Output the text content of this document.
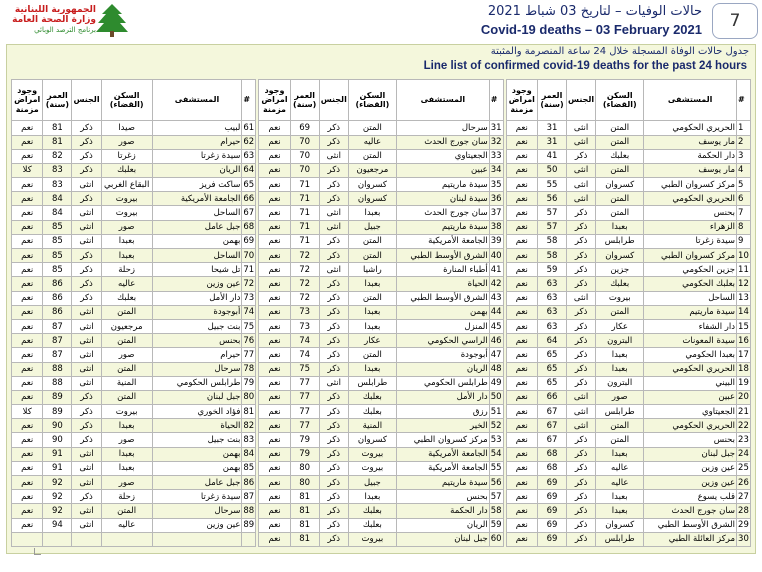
الجمهورية اللبنانية
وزارة الصحة العامة
برنامج الترصد الوبائي
حالات الوفيات – لتاريخ 03 شباط 2021
Covid-19 deaths – 03 February 2021	7
جدول حالات الوفاة المسجلة خلال 24 ساعة المنصرمة والمثبتة
Line list of confirmed covid-19 deaths for the past 24 hours
#	المستشفى	السكن (القضاء)	الجنس	العمر (سنة)	وجود امراض مزمنة
1	الحريري الحكومي	المتن	انثى	31	نعم
2	مار يوسف	المتن	انثى	31	نعم
3	دار الحكمة	بعلبك	ذكر	41	نعم
4	مار يوسف	المتن	انثى	50	نعم
5	مركز كسروان الطبي	كسروان	انثى	55	نعم
6	الحريري الحكومي	المتن	انثى	56	نعم
7	بحنس	المتن	ذكر	57	نعم
8	الزهراء	بعبدا	ذكر	57	نعم
9	سيدة زغرتا	طرابلس	ذكر	58	نعم
10	مركز كسروان الطبي	كسروان	ذكر	58	نعم
11	جزين الحكومي	جزين	ذكر	59	نعم
12	بعلبك الحكومي	بعلبك	ذكر	63	نعم
13	الساحل	بيروت	انثى	63	نعم
14	سيدة ماريتيم	المتن	ذكر	63	نعم
15	دار الشفاء	عكار	ذكر	63	نعم
16	سيدة المعونات	البترون	ذكر	64	نعم
17	بعبدا الحكومي	بعبدا	ذكر	65	نعم
18	الحريري الحكومي	بعبدا	ذكر	65	نعم
19	البيني	البترون	ذكر	65	نعم
20	عبين	صور	انثى	66	نعم
21	الجعيتاوي	طرابلس	انثى	67	نعم
22	الحريري الحكومي	المتن	انثى	67	نعم
23	بحنس	المتن	ذكر	67	نعم
24	جبل لبنان	بعبدا	ذكر	68	نعم
25	عين وزين	عاليه	ذكر	68	نعم
26	عين وزين	عاليه	ذكر	69	نعم
27	قلب يسوع	بعبدا	ذكر	69	نعم
28	سان جورج الحدث	بعبدا	ذكر	69	نعم
29	الشرق الأوسط الطبي	كسروان	ذكر	69	نعم
30	مركز العائلة الطبي	طرابلس	ذكر	69	نعم
#	المستشفى	السكن (القضاء)	الجنس	العمر (سنة)	وجود امراض مزمنة
31	سرحال	المتن	ذكر	69	نعم
32	سان جورج الحدث	عاليه	ذكر	70	نعم
33	الجعيتاوي	المتن	انثى	70	نعم
34	عبين	مرجعيون	ذكر	70	نعم
35	سيدة ماريتيم	كسروان	ذكر	71	نعم
36	سيدة لبنان	كسروان	ذكر	71	نعم
37	سان جورج الحدث	بعبدا	انثى	71	نعم
38	سيدة ماريتيم	جبيل	انثى	71	نعم
39	الجامعة الأمريكية	المتن	ذكر	71	نعم
40	الشرق الأوسط الطبي	المتن	ذكر	72	نعم
41	أطباء المنارة	راشيا	انثى	72	نعم
42	الحياة	بعبدا	ذكر	72	نعم
43	الشرق الأوسط الطبي	المتن	ذكر	72	نعم
44	بهمن	بعبدا	ذكر	73	نعم
45	المنزل	بعبدا	ذكر	73	نعم
46	الراسي الحكومي	عكار	ذكر	74	نعم
47	أبوجودة	المتن	ذكر	74	نعم
48	الريان	بعبدا	ذكر	75	نعم
49	طرابلس الحكومي	طرابلس	انثى	77	نعم
50	دار الأمل	بعلبك	ذكر	77	نعم
51	رزق	بعلبك	ذكر	77	نعم
52	الخير	المنية	ذكر	77	نعم
53	مركز كسروان الطبي	كسروان	ذكر	79	نعم
54	الجامعة الأمريكية	بيروت	ذكر	79	نعم
55	الجامعة الأمريكية	بيروت	ذكر	80	نعم
56	سيدة ماريتيم	جبيل	ذكر	80	نعم
57	بحنس	بعبدا	ذكر	81	نعم
58	دار الحكمة	بعلبك	ذكر	81	نعم
59	الريان	بعلبك	ذكر	81	نعم
60	جبل لبنان	بيروت	ذكر	81	نعم
#	المستشفى	السكن (القضاء)	الجنس	العمر (سنة)	وجود امراض مزمنة
61	لبيب	صيدا	ذكر	81	نعم
62	حيرام	صور	ذكر	81	نعم
63	سيدة زغرتا	زغرتا	ذكر	82	نعم
64	الريان	بعلبك	ذكر	83	كلا
65	ساكت فريز	البقاع الغربي	انثى	83	نعم
66	الجامعة الأمريكية	بيروت	ذكر	84	نعم
67	الساحل	بيروت	انثى	84	نعم
68	جبل عامل	صور	انثى	85	نعم
69	بهمن	بعبدا	انثى	85	نعم
70	الساحل	بعبدا	ذكر	85	نعم
71	تل شيحا	زحلة	ذكر	85	نعم
72	عين وزين	عاليه	ذكر	86	نعم
73	دار الأمل	بعلبك	ذكر	86	نعم
74	أبوجودة	المتن	انثى	86	نعم
75	بنت جبيل	مرجعيون	انثى	87	نعم
76	بحنس	المتن	انثى	87	نعم
77	حيرام	صور	انثى	87	نعم
78	سرحال	المتن	انثى	88	نعم
79	طرابلس الحكومي	المنية	انثى	88	نعم
80	جبل لبنان	المتن	ذكر	89	نعم
81	فؤاد الخوري	بيروت	ذكر	89	كلا
82	الحياة	بعبدا	ذكر	90	نعم
83	بنت جبيل	صور	ذكر	90	نعم
84	بهمن	بعبدا	انثى	91	نعم
85	بهمن	بعبدا	انثى	91	نعم
86	جبل عامل	صور	انثى	92	نعم
87	سيدة زغرتا	زحلة	ذكر	92	نعم
88	سرحال	المتن	انثى	92	نعم
89	عين وزين	عاليه	انثى	94	نعم
